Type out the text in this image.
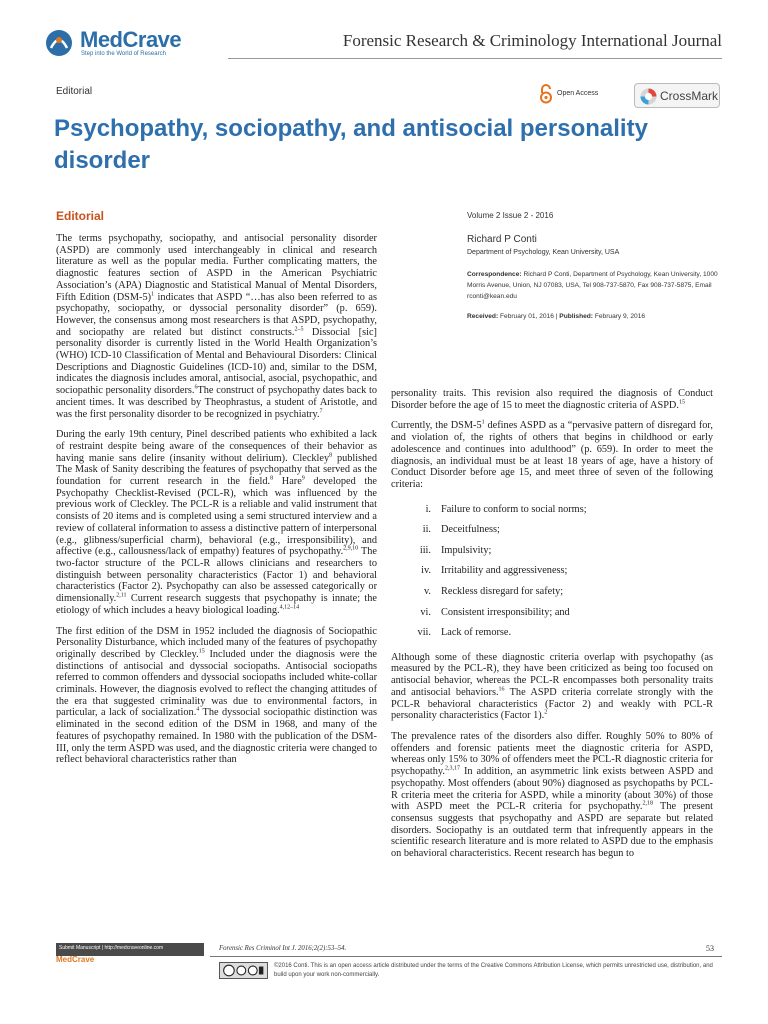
MedCrave
Step into the World of Research
Forensic Research & Criminology International Journal
Editorial	Open Access	CrossMark
Psychopathy, sociopathy, and antisocial personality disorder
Editorial	Volume 2 Issue 2 - 2016
Richard P Conti
Department of Psychology, Kean University, USA
Correspondence: Richard P Conti, Department of Psychology, Kean University, 1000 Morris Avenue, Union, NJ 07083, USA, Tel 908-737-5870, Fax 908-737-5875, Email rconti@kean.edu
Received: February 01, 2016 | Published: February 9, 2016

The terms psychopathy, sociopathy, and antisocial personality disorder (ASPD) are commonly used interchangeably in clinical and research literature as well as the popular media. Further complicating matters, the diagnostic features section of ASPD in the American Psychiatric Association’s (APA) Diagnostic and Statistical Manual of Mental Disorders, Fifth Edition $(DSM-5)^1$ indicates that ASPD “…has also been referred to as psychopathy, sociopathy, or dyssocial personality disorder” (p. 659). However, the consensus among most researchers is that ASPD, psychopathy, and sociopathy are related but distinct constructs.$^{2-5}$ Dissocial [sic] personality disorder is currently listed in the World Health Organization’s (WHO) ICD-10 Classification of Mental and Behavioural Disorders: Clinical Descriptions and Diagnostic Guidelines (ICD-10) and, similar to the DSM, indicates the diagnosis includes amoral, antisocial, asocial, psychopathic, and sociopathic personality disorders.$^6$The construct of psychopathy dates back to ancient times. It was described by Theophrastus, a student of Aristotle, and was the first personality disorder to be recognized in psychiatry.$^7$

During the early 19th century, Pinel described patients who exhibited a lack of restraint despite being aware of the consequences of their behavior as having manie sans delire (insanity without delirium). Cleckley$^8$ published The Mask of Sanity describing the features of psychopathy that served as the foundation for current research in the field.$^8$ Hare$^9$ developed the Psychopathy Checklist-Revised (PCL-R), which was influenced by the previous work of Cleckley. The PCL-R is a reliable and valid instrument that consists of 20 items and is completed using a semi structured interview and a review of collateral information to assess a distinctive pattern of interpersonal (e.g., glibness/superficial charm), behavioral (e.g., irresponsibility), and affective (e.g., callousness/lack of empathy) features of psychopathy.$^{2,9,10}$ The two-factor structure of the PCL-R allows clinicians and researchers to distinguish between personality characteristics (Factor 1) and behavioral characteristics (Factor 2). Psychopathy can also be assessed categorically or dimensionally.$^{2,11}$ Current research suggests that psychopathy is innate; the etiology of which includes a heavy biological loading.$^{4,12-14}$

The first edition of the DSM in 1952 included the diagnosis of Sociopathic Personality Disturbance, which included many of the features of psychopathy originally described by Cleckley.$^{15}$ Included under the diagnosis were the distinctions of antisocial and dyssocial sociopaths. Antisocial sociopaths referred to common offenders and dyssocial sociopaths included white-collar criminals. However, the diagnosis evolved to reflect the changing attitudes of the era that suggested criminality was due to environmental factors, in particular, a lack of socialization.$^4$ The dyssocial sociopathic distinction was eliminated in the second edition of the DSM in 1968, and many of the features of psychopathy remained. In 1980 with the publication of the DSM-III, only the term ASPD was used, and the diagnostic criteria were changed to reflect behavioral characteristics rather than

personality traits. This revision also required the diagnosis of Conduct Disorder before the age of 15 to meet the diagnostic criteria of ASPD.$^{15}$

Currently, the DSM-$5^1$ defines ASPD as a “pervasive pattern of disregard for, and violation of, the rights of others that begins in childhood or early adolescence and continues into adulthood” (p. 659). In order to meet the diagnosis, an individual must be at least 18 years of age, have a history of Conduct Disorder before age 15, and meet three of seven of the following criteria:

i. Failure to conform to social norms;
ii. Deceitfulness;
iii. Impulsivity;
iv. Irritability and aggressiveness;
v. Reckless disregard for safety;
vi. Consistent irresponsibility; and
vii. Lack of remorse.

Although some of these diagnostic criteria overlap with psychopathy (as measured by the PCL-R), they have been criticized as being too focused on antisocial behavior, whereas the PCL-R encompasses both personality traits and antisocial behaviors.$^{16}$ The ASPD criteria correlate strongly with the PCL-R behavioral characteristics (Factor 2) and weakly with PCL-R personality characteristics (Factor 1).$^2$

The prevalence rates of the disorders also differ. Roughly 50% to 80% of offenders and forensic patients meet the diagnostic criteria for ASPD, whereas only 15% to 30% of offenders meet the PCL-R diagnostic criteria for psychopathy.$^{2,3,17}$ In addition, an asymmetric link exists between ASPD and psychopathy. Most offenders (about 90%) diagnosed as psychopaths by PCL-R criteria meet the criteria for ASPD, while a minority (about 30%) of those with ASPD meet the PCL-R criteria for psychopathy.$^{2,18}$ The present consensus suggests that psychopathy and ASPD are separate but related disorders. Sociopathy is an outdated term that infrequently appears in the scientific research literature and is more related to ASPD due to the emphasis on behavioral characteristics. Recent research has begun to

Submit Manuscript | http://medcraveonline.com
MedCrave
Forensic Res Criminol Int J. 2016;2(2):53–54.	53
©2016 Conti. This is an open access article distributed under the terms of the Creative Commons Attribution License, which permits unrestricted use, distribution, and build upon your work non-commercially.
